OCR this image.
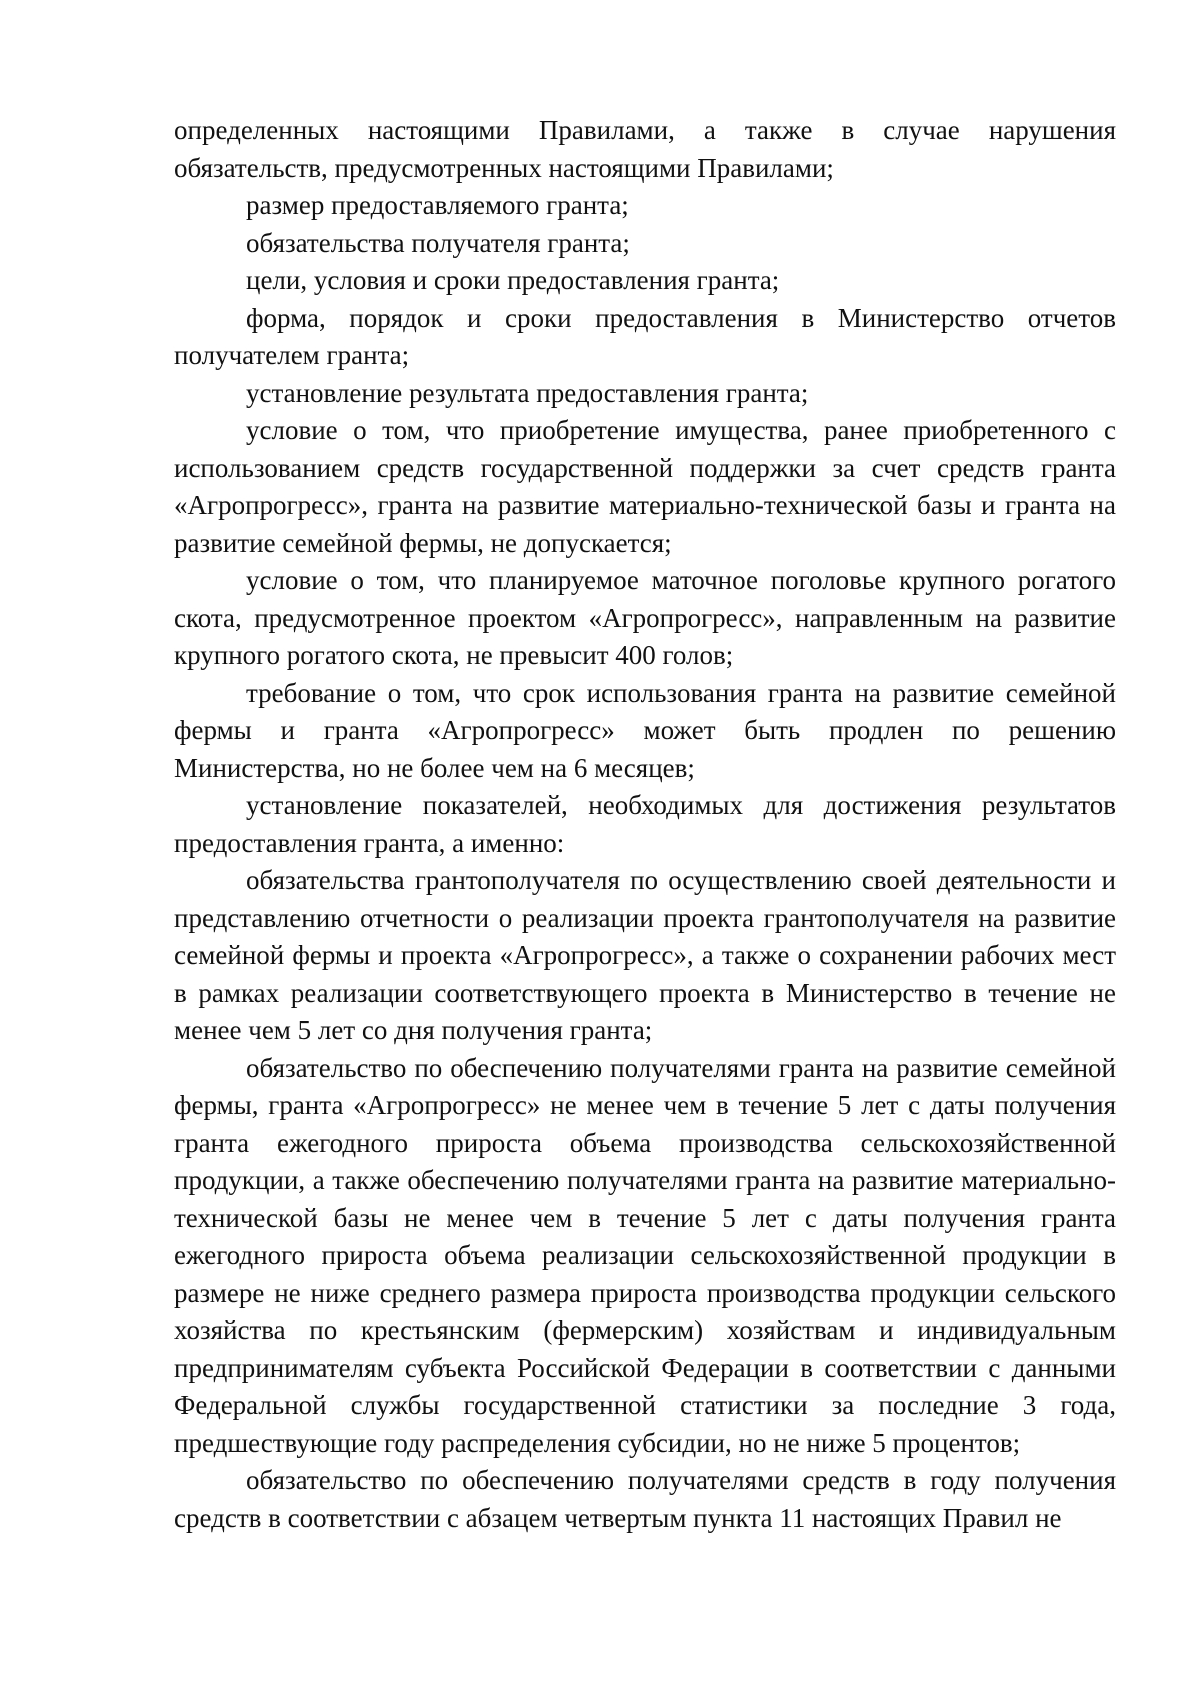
определенных настоящими Правилами, а также в случае нарушения обязательств, предусмотренных настоящими Правилами;

размер предоставляемого гранта;

обязательства получателя гранта;

цели, условия и сроки предоставления гранта;

форма, порядок и сроки предоставления в Министерство отчетов получателем гранта;

установление результата предоставления гранта;

условие о том, что приобретение имущества, ранее приобретенного с использованием средств государственной поддержки за счет средств гранта «Агропрогресс», гранта на развитие материально-технической базы и гранта на развитие семейной фермы, не допускается;

условие о том, что планируемое маточное поголовье крупного рогатого скота, предусмотренное проектом «Агропрогресс», направленным на развитие крупного рогатого скота, не превысит 400 голов;

требование о том, что срок использования гранта на развитие семейной фермы и гранта «Агропрогресс» может быть продлен по решению Министерства, но не более чем на 6 месяцев;

установление показателей, необходимых для достижения результатов предоставления гранта, а именно:

обязательства грантополучателя по осуществлению своей деятельности и представлению отчетности о реализации проекта грантополучателя на развитие семейной фермы и проекта «Агропрогресс», а также о сохранении рабочих мест в рамках реализации соответствующего проекта в Министерство в течение не менее чем 5 лет со дня получения гранта;

обязательство по обеспечению получателями гранта на развитие семейной фермы, гранта «Агропрогресс» не менее чем в течение 5 лет с даты получения гранта ежегодного прироста объема производства сельскохозяйственной продукции, а также обеспечению получателями гранта на развитие материально-технической базы не менее чем в течение 5 лет с даты получения гранта ежегодного прироста объема реализации сельскохозяйственной продукции в размере не ниже среднего размера прироста производства продукции сельского хозяйства по крестьянским (фермерским) хозяйствам и индивидуальным предпринимателям субъекта Российской Федерации в соответствии с данными Федеральной службы государственной статистики за последние 3 года, предшествующие году распределения субсидии, но не ниже 5 процентов;

обязательство по обеспечению получателями средств в году получения средств в соответствии с абзацем четвертым пункта 11 настоящих Правил не
